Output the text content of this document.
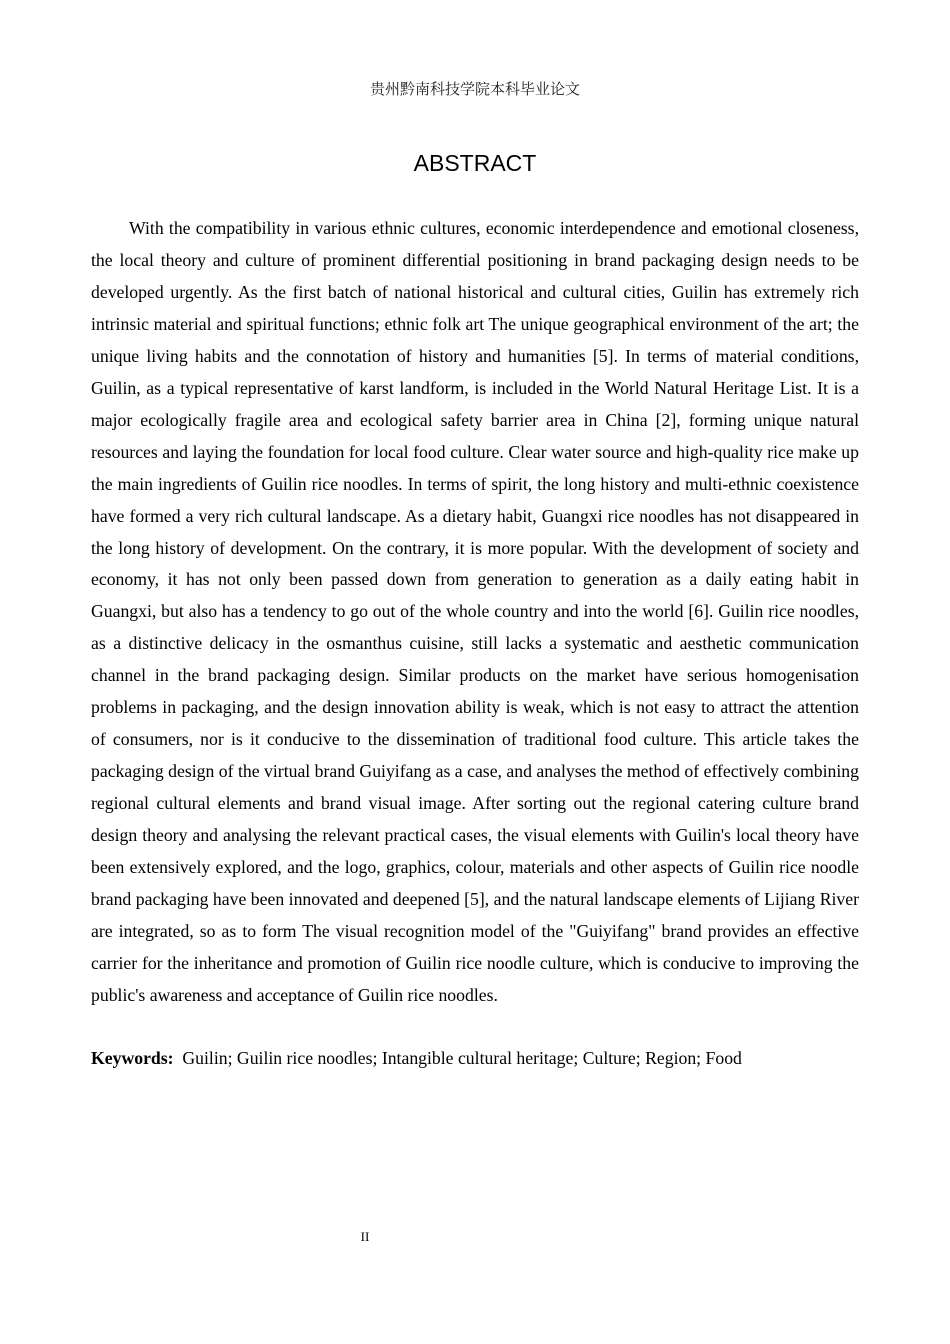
贵州黔南科技学院本科毕业论文
ABSTRACT

With the compatibility in various ethnic cultures, economic interdependence and emotional closeness, the local theory and culture of prominent differential positioning in brand packaging design needs to be developed urgently. As the first batch of national historical and cultural cities, Guilin has extremely rich intrinsic material and spiritual functions; ethnic folk art The unique geographical environment of the art; the unique living habits and the connotation of history and humanities [5]. In terms of material conditions, Guilin, as a typical representative of karst landform, is included in the World Natural Heritage List. It is a major ecologically fragile area and ecological safety barrier area in China [2], forming unique natural resources and laying the foundation for local food culture. Clear water source and high-quality rice make up the main ingredients of Guilin rice noodles. In terms of spirit, the long history and multi-ethnic coexistence have formed a very rich cultural landscape. As a dietary habit, Guangxi rice noodles has not disappeared in the long history of development. On the contrary, it is more popular. With the development of society and economy, it has not only been passed down from generation to generation as a daily eating habit in Guangxi, but also has a tendency to go out of the whole country and into the world [6]. Guilin rice noodles, as a distinctive delicacy in the osmanthus cuisine, still lacks a systematic and aesthetic communication channel in the brand packaging design. Similar products on the market have serious homogenisation problems in packaging, and the design innovation ability is weak, which is not easy to attract the attention of consumers, nor is it conducive to the dissemination of traditional food culture. This article takes the packaging design of the virtual brand Guiyifang as a case, and analyses the method of effectively combining regional cultural elements and brand visual image. After sorting out the regional catering culture brand design theory and analysing the relevant practical cases, the visual elements with Guilin's local theory have been extensively explored, and the logo, graphics, colour, materials and other aspects of Guilin rice noodle brand packaging have been innovated and deepened [5], and the natural landscape elements of Lijiang River are integrated, so as to form The visual recognition model of the "Guiyifang" brand provides an effective carrier for the inheritance and promotion of Guilin rice noodle culture, which is conducive to improving the public's awareness and acceptance of Guilin rice noodles.

Keywords: Guilin; Guilin rice noodles; Intangible cultural heritage; Culture; Region; Food

II
